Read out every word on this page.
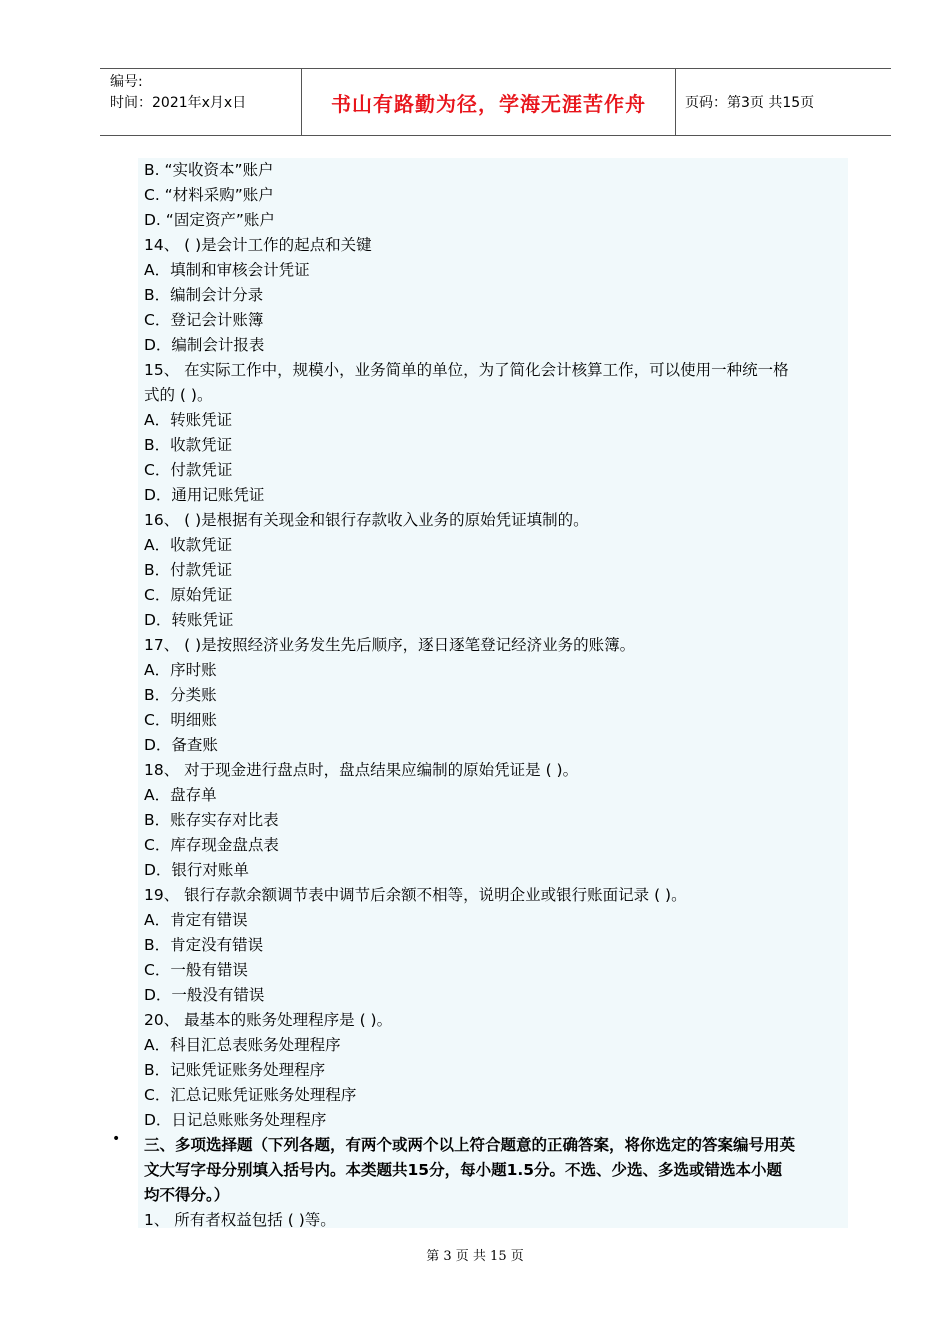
编号:
时间：2021年x月x日	书山有路勤为径，学海无涯苦作舟	页码：第3页 共15页
B. “实收资本”账户
C. “材料采购”账户
D. “固定资产”账户
14、 ( )是会计工作的起点和关键
A．填制和审核会计凭证
B．编制会计分录
C．登记会计账簿
D．编制会计报表
15、 在实际工作中，规模小，业务简单的单位，为了简化会计核算工作，可以使用一种统一格
式的 ( )。
A．转账凭证
B．收款凭证
C．付款凭证
D．通用记账凭证
16、 ( )是根据有关现金和银行存款收入业务的原始凭证填制的。
A．收款凭证
B．付款凭证
C．原始凭证
D．转账凭证
17、 ( )是按照经济业务发生先后顺序，逐日逐笔登记经济业务的账簿。
A．序时账
B．分类账
C．明细账
D．备查账
18、 对于现金进行盘点时，盘点结果应编制的原始凭证是 ( )。
A．盘存单
B．账存实存对比表
C．库存现金盘点表
D．银行对账单
19、 银行存款余额调节表中调节后余额不相等，说明企业或银行账面记录 ( )。
A．肯定有错误
B．肯定没有错误
C．一般有错误
D．一般没有错误
20、 最基本的账务处理程序是 ( )。
A．科目汇总表账务处理程序
B．记账凭证账务处理程序
C．汇总记账凭证账务处理程序
D．日记总账账务处理程序
三、多项选择题（下列各题，有两个或两个以上符合题意的正确答案，将你选定的答案编号用英
文大写字母分别填入括号内。本类题共15分，每小题1.5分。不选、少选、多选或错选本小题
均不得分。）
1、 所有者权益包括 ( )等。
•
第 3 页 共 15 页
